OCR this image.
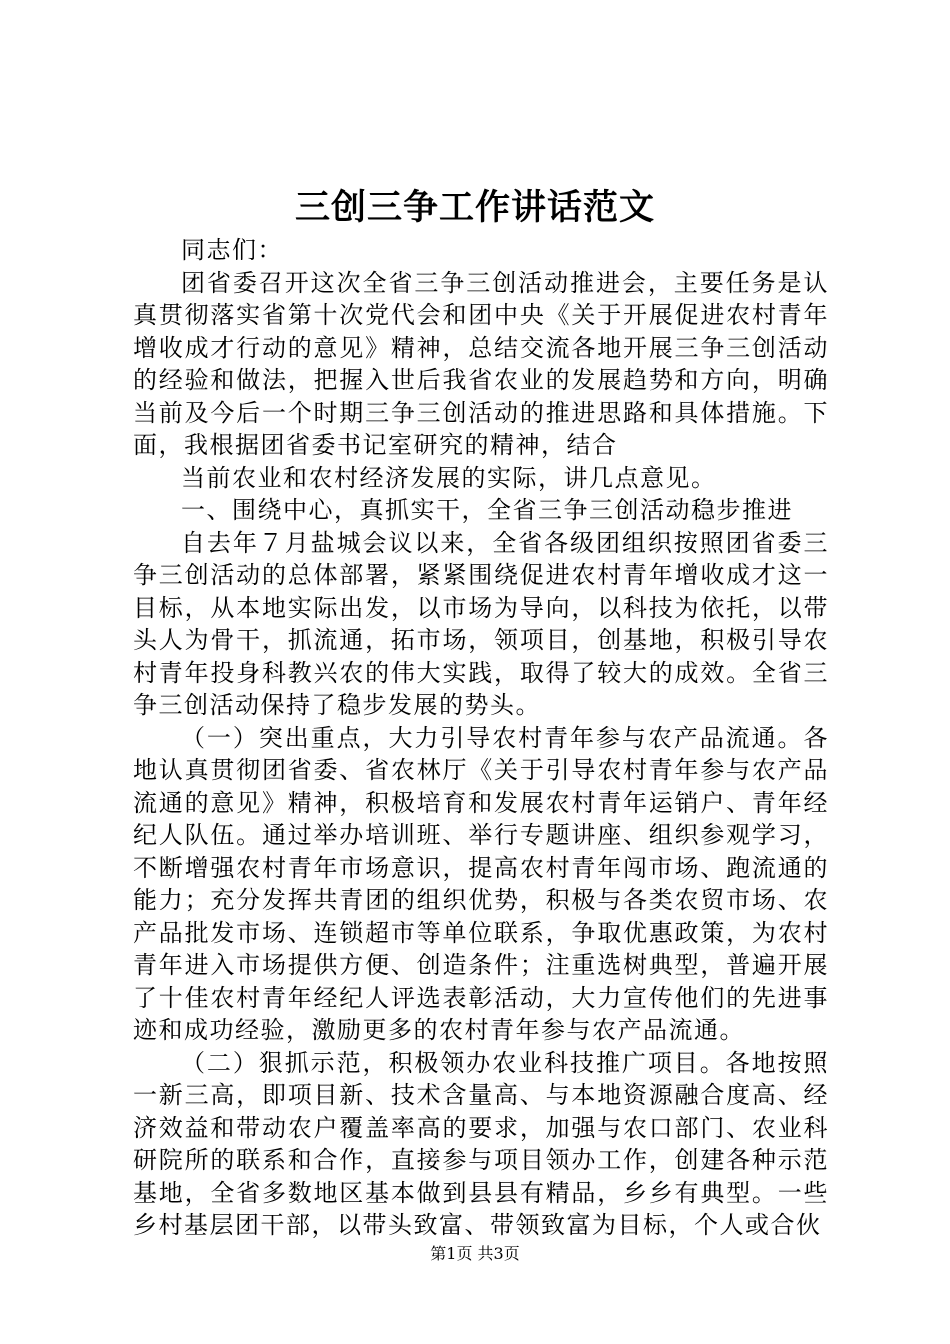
三创三争工作讲话范文

同志们：

团省委召开这次全省三争三创活动推进会，主要任务是认真贯彻落实省第十次党代会和团中央《关于开展促进农村青年增收成才行动的意见》精神，总结交流各地开展三争三创活动的经验和做法，把握入世后我省农业的发展趋势和方向，明确当前及今后一个时期三争三创活动的推进思路和具体措施。下面，我根据团省委书记室研究的精神，结合

当前农业和农村经济发展的实际，讲几点意见。

一、围绕中心，真抓实干，全省三争三创活动稳步推进

自去年７月盐城会议以来，全省各级团组织按照团省委三争三创活动的总体部署，紧紧围绕促进农村青年增收成才这一目标，从本地实际出发，以市场为导向，以科技为依托，以带头人为骨干，抓流通，拓市场，领项目，创基地，积极引导农村青年投身科教兴农的伟大实践，取得了较大的成效。全省三争三创活动保持了稳步发展的势头。

（一）突出重点，大力引导农村青年参与农产品流通。各地认真贯彻团省委、省农林厅《关于引导农村青年参与农产品流通的意见》精神，积极培育和发展农村青年运销户、青年经纪人队伍。通过举办培训班、举行专题讲座、组织参观学习，不断增强农村青年市场意识，提高农村青年闯市场、跑流通的能力；充分发挥共青团的组织优势，积极与各类农贸市场、农产品批发市场、连锁超市等单位联系，争取优惠政策，为农村青年进入市场提供方便、创造条件；注重选树典型，普遍开展了十佳农村青年经纪人评选表彰活动，大力宣传他们的先进事迹和成功经验，激励更多的农村青年参与农产品流通。

（二）狠抓示范，积极领办农业科技推广项目。各地按照一新三高，即项目新、技术含量高、与本地资源融合度高、经济效益和带动农户覆盖率高的要求，加强与农口部门、农业科研院所的联系和合作，直接参与项目领办工作，创建各种示范基地，全省多数地区基本做到县县有精品，乡乡有典型。一些乡村基层团干部，以带头致富、带领致富为目标，个人或合伙

第1页 共3页
